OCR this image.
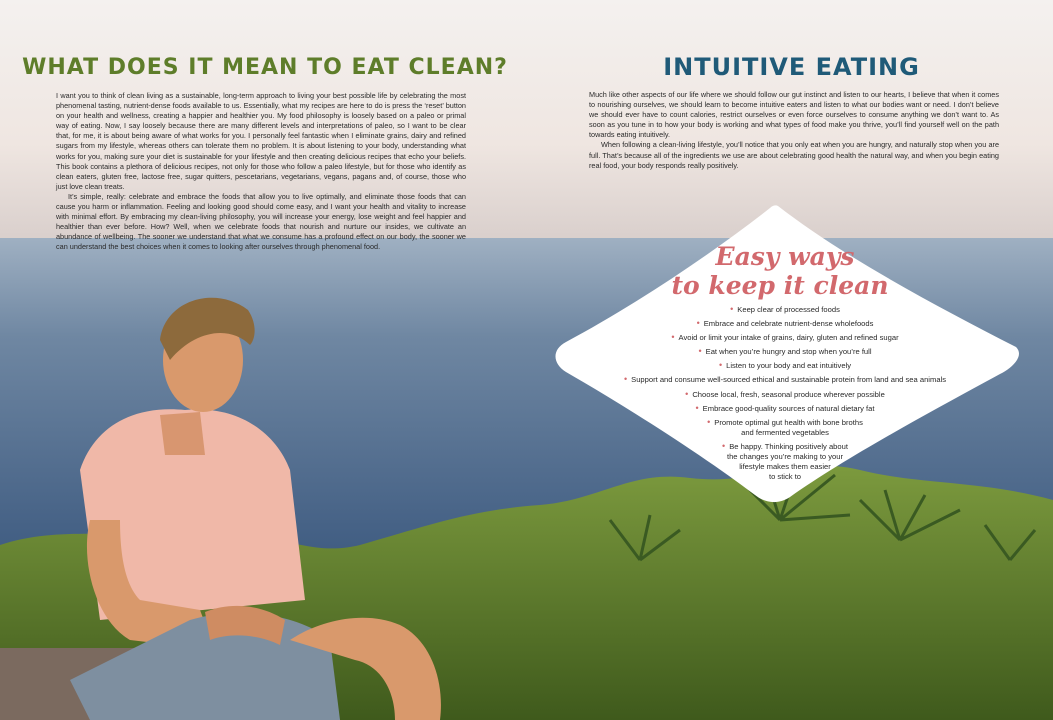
WHAT DOES IT MEAN TO EAT CLEAN?

I want you to think of clean living as a sustainable, long-term approach to living your best possible life by celebrating the most phenomenal tasting, nutrient-dense foods available to us. Essentially, what my recipes are here to do is press the ‘reset’ button on your health and wellness, creating a happier and healthier you. My food philosophy is loosely based on a paleo or primal way of eating. Now, I say loosely because there are many different levels and interpretations of paleo, so I want to be clear that, for me, it is about being aware of what works for you. I personally feel fantastic when I eliminate grains, dairy and refined sugars from my lifestyle, whereas others can tolerate them no problem. It is about listening to your body, understanding what works for you, making sure your diet is sustainable for your lifestyle and then creating delicious recipes that echo your beliefs. This book contains a plethora of delicious recipes, not only for those who follow a paleo lifestyle, but for those who identify as clean eaters, gluten free, lactose free, sugar quitters, pescetarians, vegetarians, vegans, pagans and, of course, those who just love clean treats.

It’s simple, really: celebrate and embrace the foods that allow you to live optimally, and eliminate those foods that can cause you harm or inflammation. Feeling and looking good should come easy, and I want your health and vitality to increase with minimal effort. By embracing my clean-living philosophy, you will increase your energy, lose weight and feel happier and healthier than ever before. How? Well, when we celebrate foods that nourish and nurture our insides, we cultivate an abundance of wellbeing. The sooner we understand that what we consume has a profound effect on our body, the sooner we can understand the best choices when it comes to looking after ourselves through phenomenal food.

INTUITIVE EATING

Much like other aspects of our life where we should follow our gut instinct and listen to our hearts, I believe that when it comes to nourishing ourselves, we should learn to become intuitive eaters and listen to what our bodies want or need. I don’t believe we should ever have to count calories, restrict ourselves or even force ourselves to consume anything we don’t want to. As soon as you tune in to how your body is working and what types of food make you thrive, you’ll find yourself well on the path towards eating intuitively.

When following a clean-living lifestyle, you’ll notice that you only eat when you are hungry, and naturally stop when you are full. That’s because all of the ingredients we use are about celebrating good health the natural way, and when you begin eating real food, your body responds really positively.

Easy ways
to keep it clean
• Keep clear of processed foods
• Embrace and celebrate nutrient-dense wholefoods
• Avoid or limit your intake of grains, dairy, gluten and refined sugar
• Eat when you’re hungry and stop when you’re full
• Listen to your body and eat intuitively
• Support and consume well-sourced ethical and sustainable protein from land and sea animals
• Choose local, fresh, seasonal produce wherever possible
• Embrace good-quality sources of natural dietary fat
• Promote optimal gut health with bone broths
and fermented vegetables
• Be happy. Thinking positively about
the changes you’re making to your
lifestyle makes them easier
to stick to
